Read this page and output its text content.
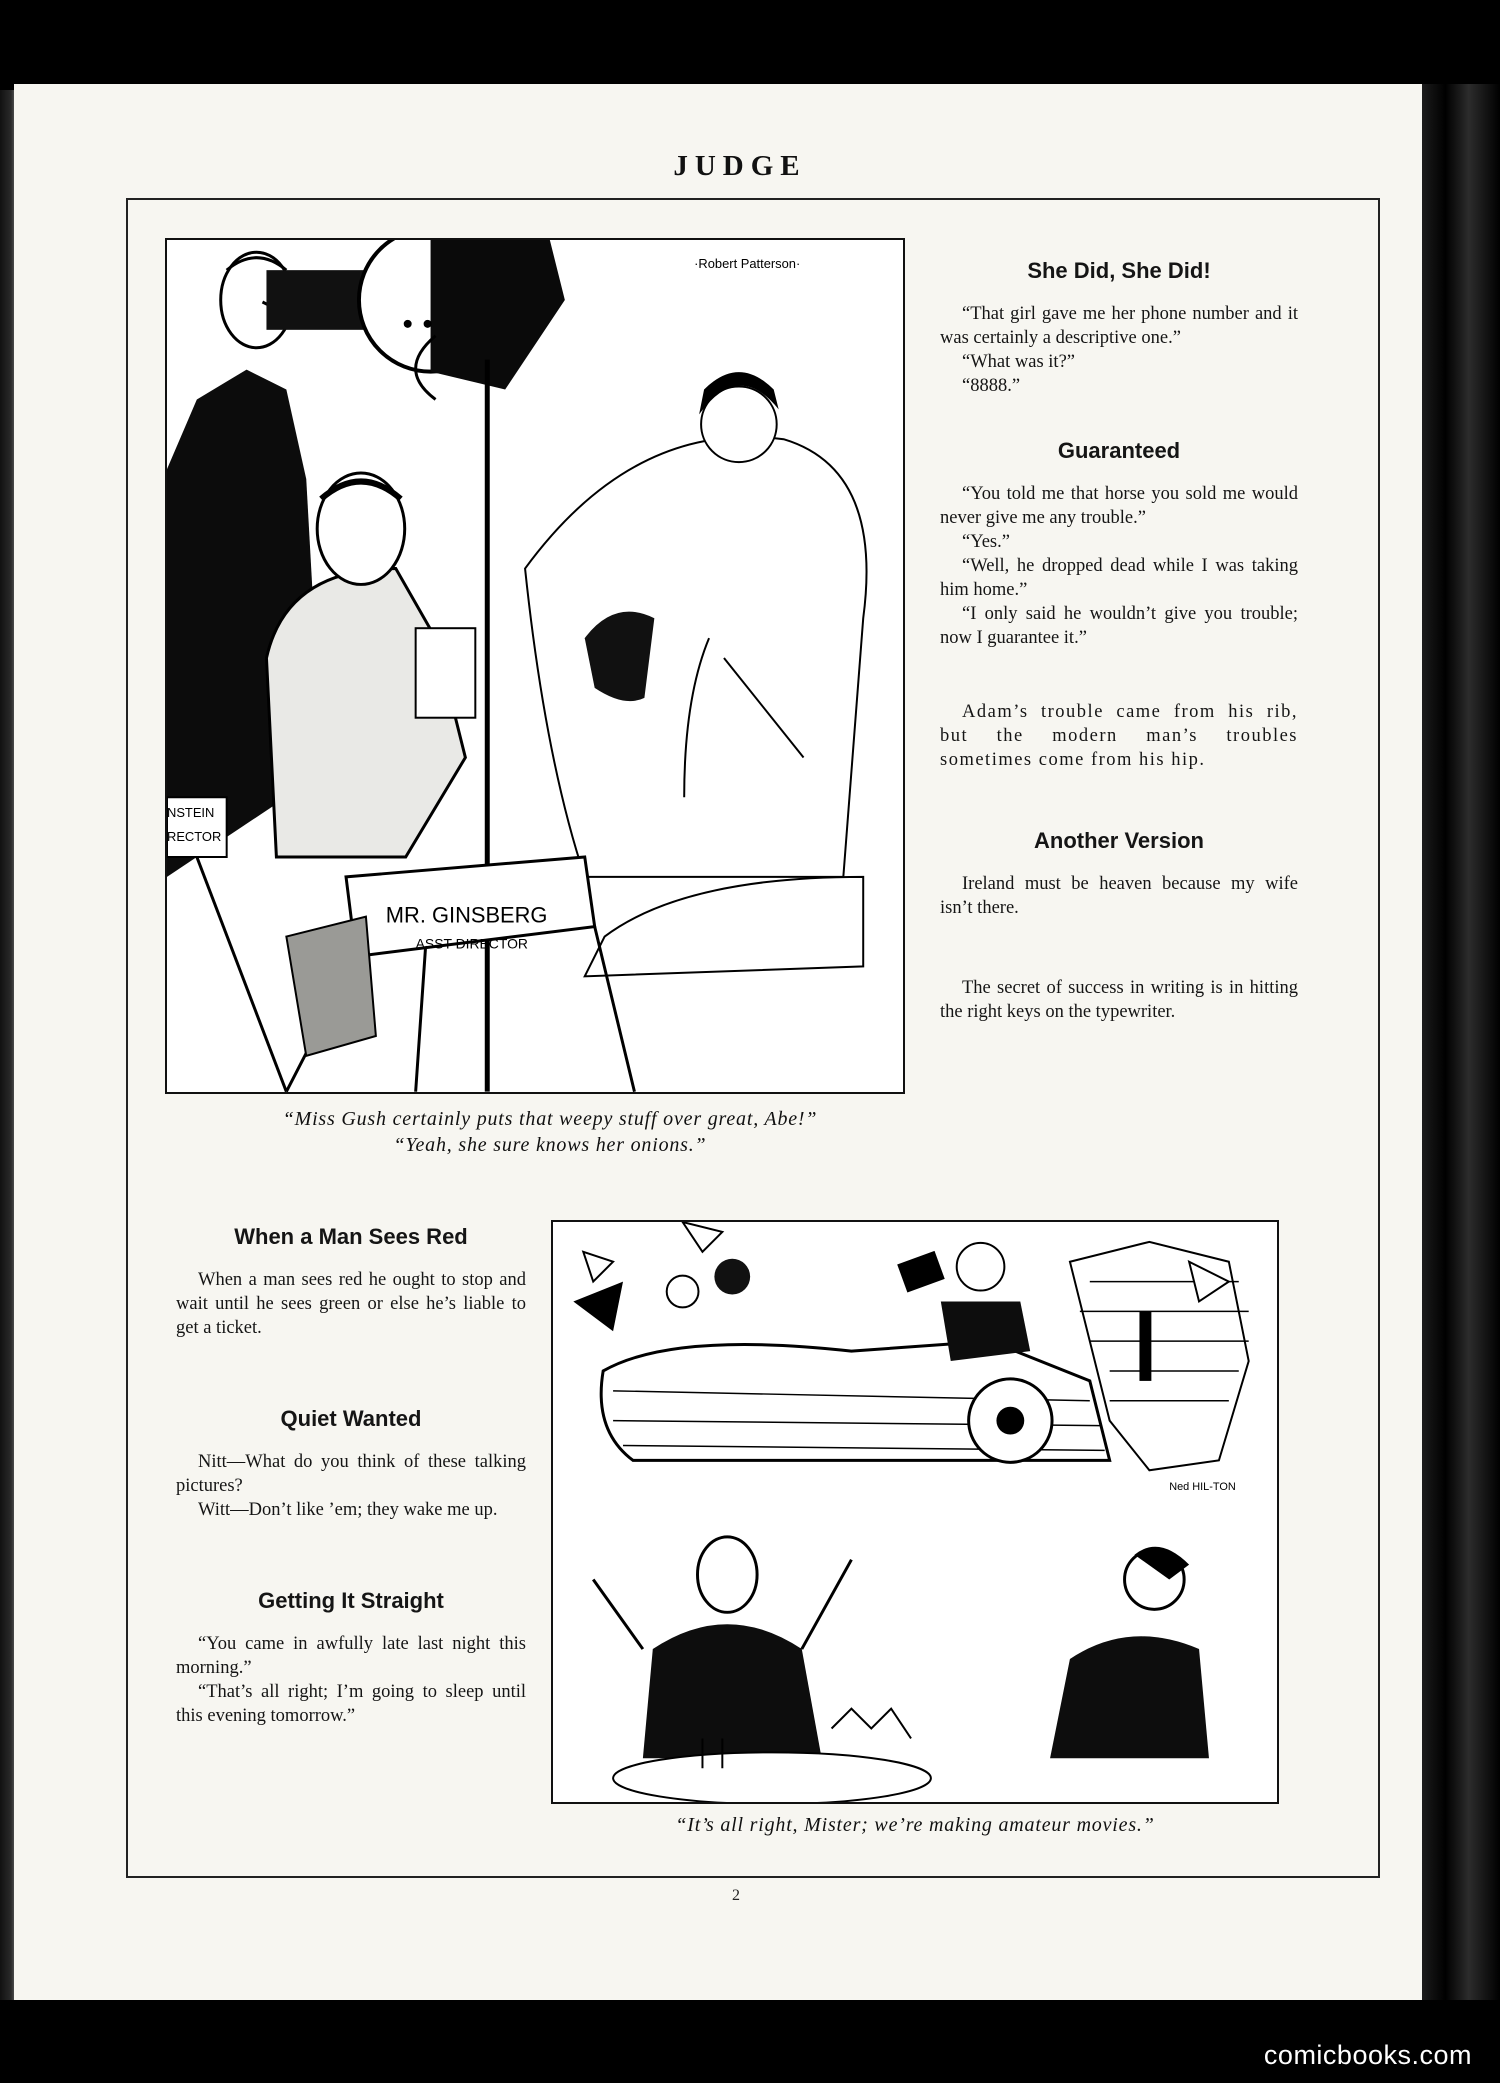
JUDGE
NSTEIN
RECTOR
MR. GINSBERG
ASST DIRECTOR
·Robert Patterson·
“Miss Gush certainly puts that weepy stuff over great, Abe!”
“Yeah, she sure knows her onions.”
She Did, She Did!

“That girl gave me her phone number and it was certainly a descriptive one.”

“What was it?”

“8888.”

Guaranteed

“You told me that horse you sold me would never give me any trouble.”

“Yes.”

“Well, he dropped dead while I was taking him home.”

“I only said he wouldn’t give you trouble; now I guarantee it.”

Adam’s trouble came from his rib, but the modern man’s troubles sometimes come from his hip.

Another Version

Ireland must be heaven because my wife isn’t there.

The secret of success in writing is in hitting the right keys on the typewriter.

When a Man Sees Red

When a man sees red he ought to stop and wait until he sees green or else he’s liable to get a ticket.

Quiet Wanted

Nitt—What do you think of these talking pictures?

Witt—Don’t like ’em; they wake me up.

Getting It Straight

“You came in awfully late last night this morning.”

“That’s all right; I’m going to sleep until this evening tomorrow.”

Ned HIL-TON
“It’s all right, Mister; we’re making amateur movies.”
2
comicbooks.com
